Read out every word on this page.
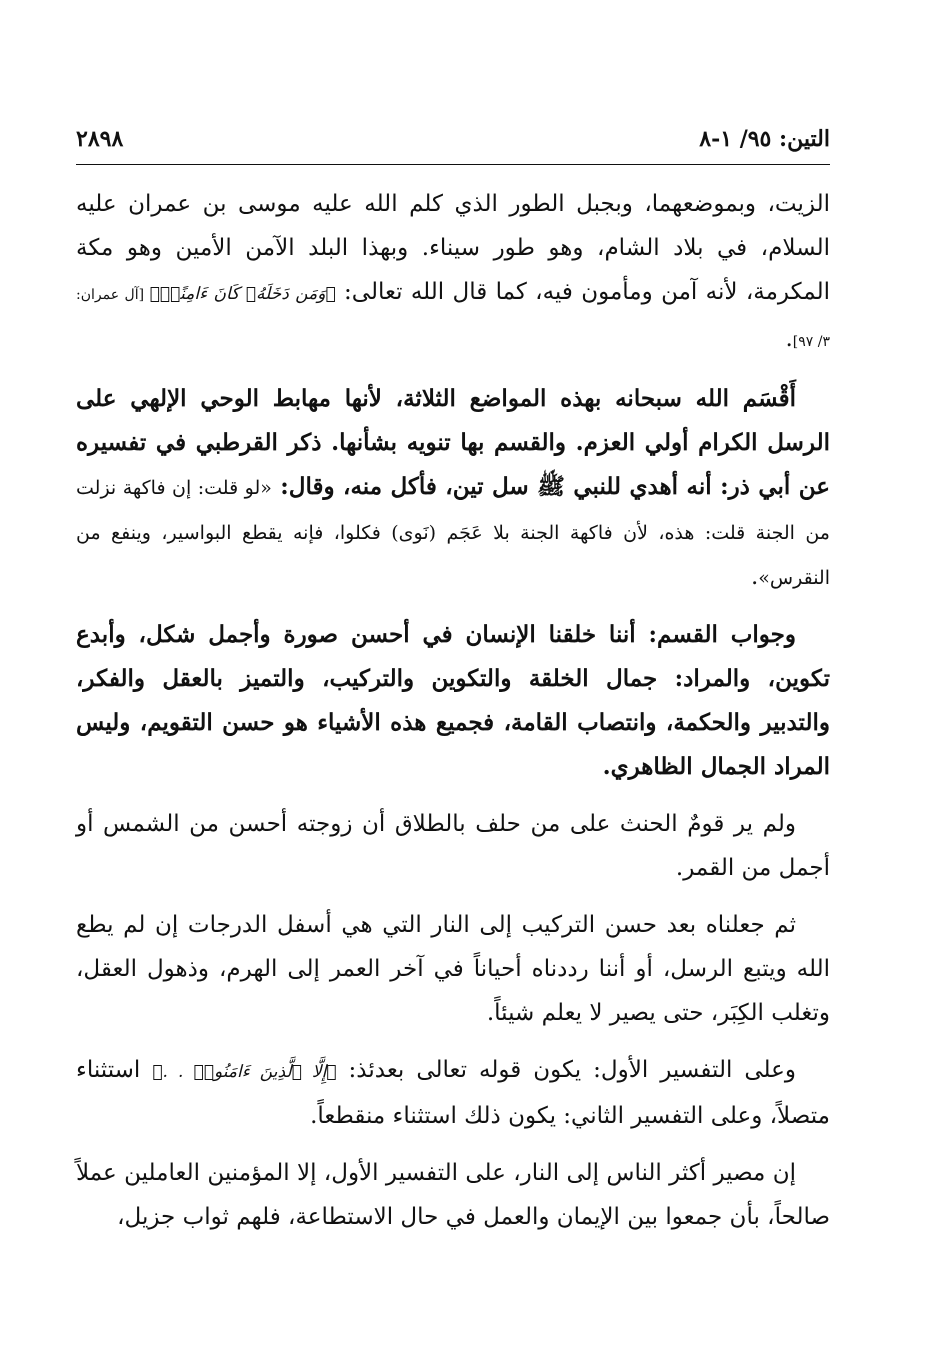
التين: ٩٥/ ١-٨
٢٨٩٨

الزيت، وبموضعهما، وبجبل الطور الذي كلم الله عليه موسى بن عمران عليه السلام، في بلاد الشام، وهو طور سيناء. وبهذا البلد الآمن الأمين وهو مكة المكرمة، لأنه آمن ومأمون فيه، كما قال الله تعالى: ﴿وَمَن دَخَلَهُۥ كَانَ ءَامِنًاۗ﴾ [آل عمران: ٣/ ٩٧].

أَقْسَم الله سبحانه بهذه المواضع الثلاثة، لأنها مهابط الوحي الإلهي على الرسل الكرام أولي العزم. والقسم بها تنويه بشأنها. ذكر القرطبي في تفسيره عن أبي ذر: أنه أهدي للنبي ﷺ سل تين، فأكل منه، وقال: «لو قلت: إن فاكهة نزلت من الجنة قلت: هذه، لأن فاكهة الجنة بلا عَجَم (نَوى) فكلوا، فإنه يقطع البواسير، وينفع من النقرس».

وجواب القسم: أننا خلقنا الإنسان في أحسن صورة وأجمل شكل، وأبدع تكوين، والمراد: جمال الخلقة والتكوين والتركيب، والتميز بالعقل والفكر، والتدبير والحكمة، وانتصاب القامة، فجميع هذه الأشياء هو حسن التقويم، وليس المراد الجمال الظاهري.

ولم ير قومٌ الحنث على من حلف بالطلاق أن زوجته أحسن من الشمس أو أجمل من القمر.

ثم جعلناه بعد حسن التركيب إلى النار التي هي أسفل الدرجات إن لم يطع الله ويتبع الرسل، أو أننا رددناه أحياناً في آخر العمر إلى الهرم، وذهول العقل، وتغلب الكِبَر، حتى يصير لا يعلم شيئاً.

وعلى التفسير الأول: يكون قوله تعالى بعدئذ: ﴿إِلَّا ٱلَّذِينَ ءَامَنُوا۟ . .﴾ استثناء متصلاً، وعلى التفسير الثاني: يكون ذلك استثناء منقطعاً.

إن مصير أكثر الناس إلى النار، على التفسير الأول، إلا المؤمنين العاملين عملاً صالحاً، بأن جمعوا بين الإيمان والعمل في حال الاستطاعة، فلهم ثواب جزيل،
